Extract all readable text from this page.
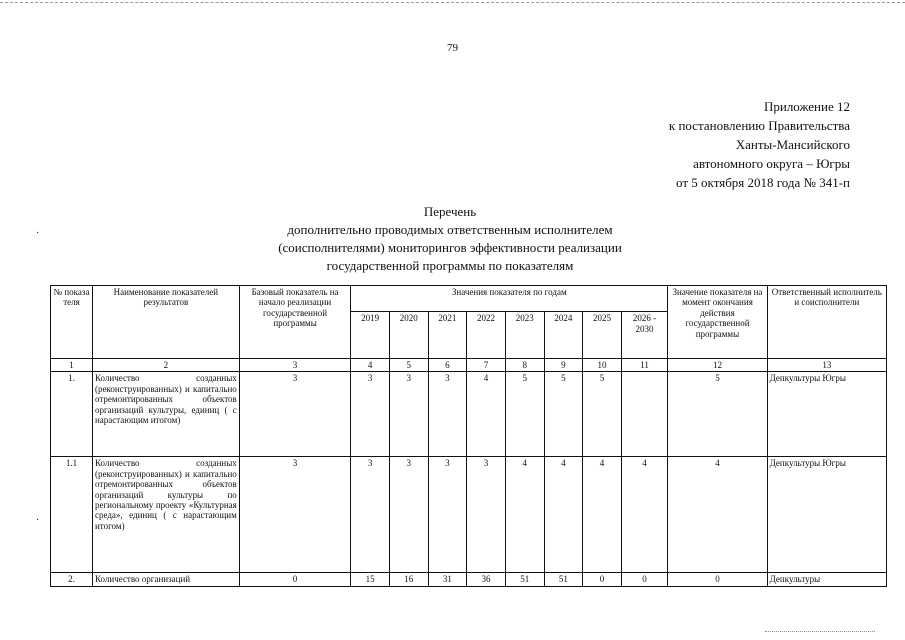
79
Приложение 12
к постановлению Правительства
Ханты-Мансийского
автономного округа – Югры
от 5 октября 2018 года № 341-п
Перечень
дополнительно проводимых ответственным исполнителем
(соисполнителями) мониторингов эффективности реализации
государственной программы по показателям
·
·
№ показа теля	Наименование показателей результатов	Базовый показатель на начало реализации государственной программы	Значения показателя по годам								Значение показателя на момент окончания действия государственной программы	Ответственный исполнитель и соисполнители
			2019	2020	2021	2022	2023	2024	2025	2026 - 2030		
1	2	3	4	5	6	7	8	9	10	11	12	13
1.	Количество созданных (реконструированных) и капитально отремонтированных объектов организаций культуры, единиц ( с нарастающим итогом)	3	3	3	3	4	5	5	5		5	Депкультуры Югры
1.1	Количество созданных (реконструированных) и капитально отремонтированных объектов организаций культуры по региональному проекту «Культурная среда», единиц ( с нарастающим итогом)	3	3	3	3	3	4	4	4	4	4	Депкультуры Югры
2.	Количество организаций	0	15	16	31	36	51	51	0	0	0	Депкультуры
